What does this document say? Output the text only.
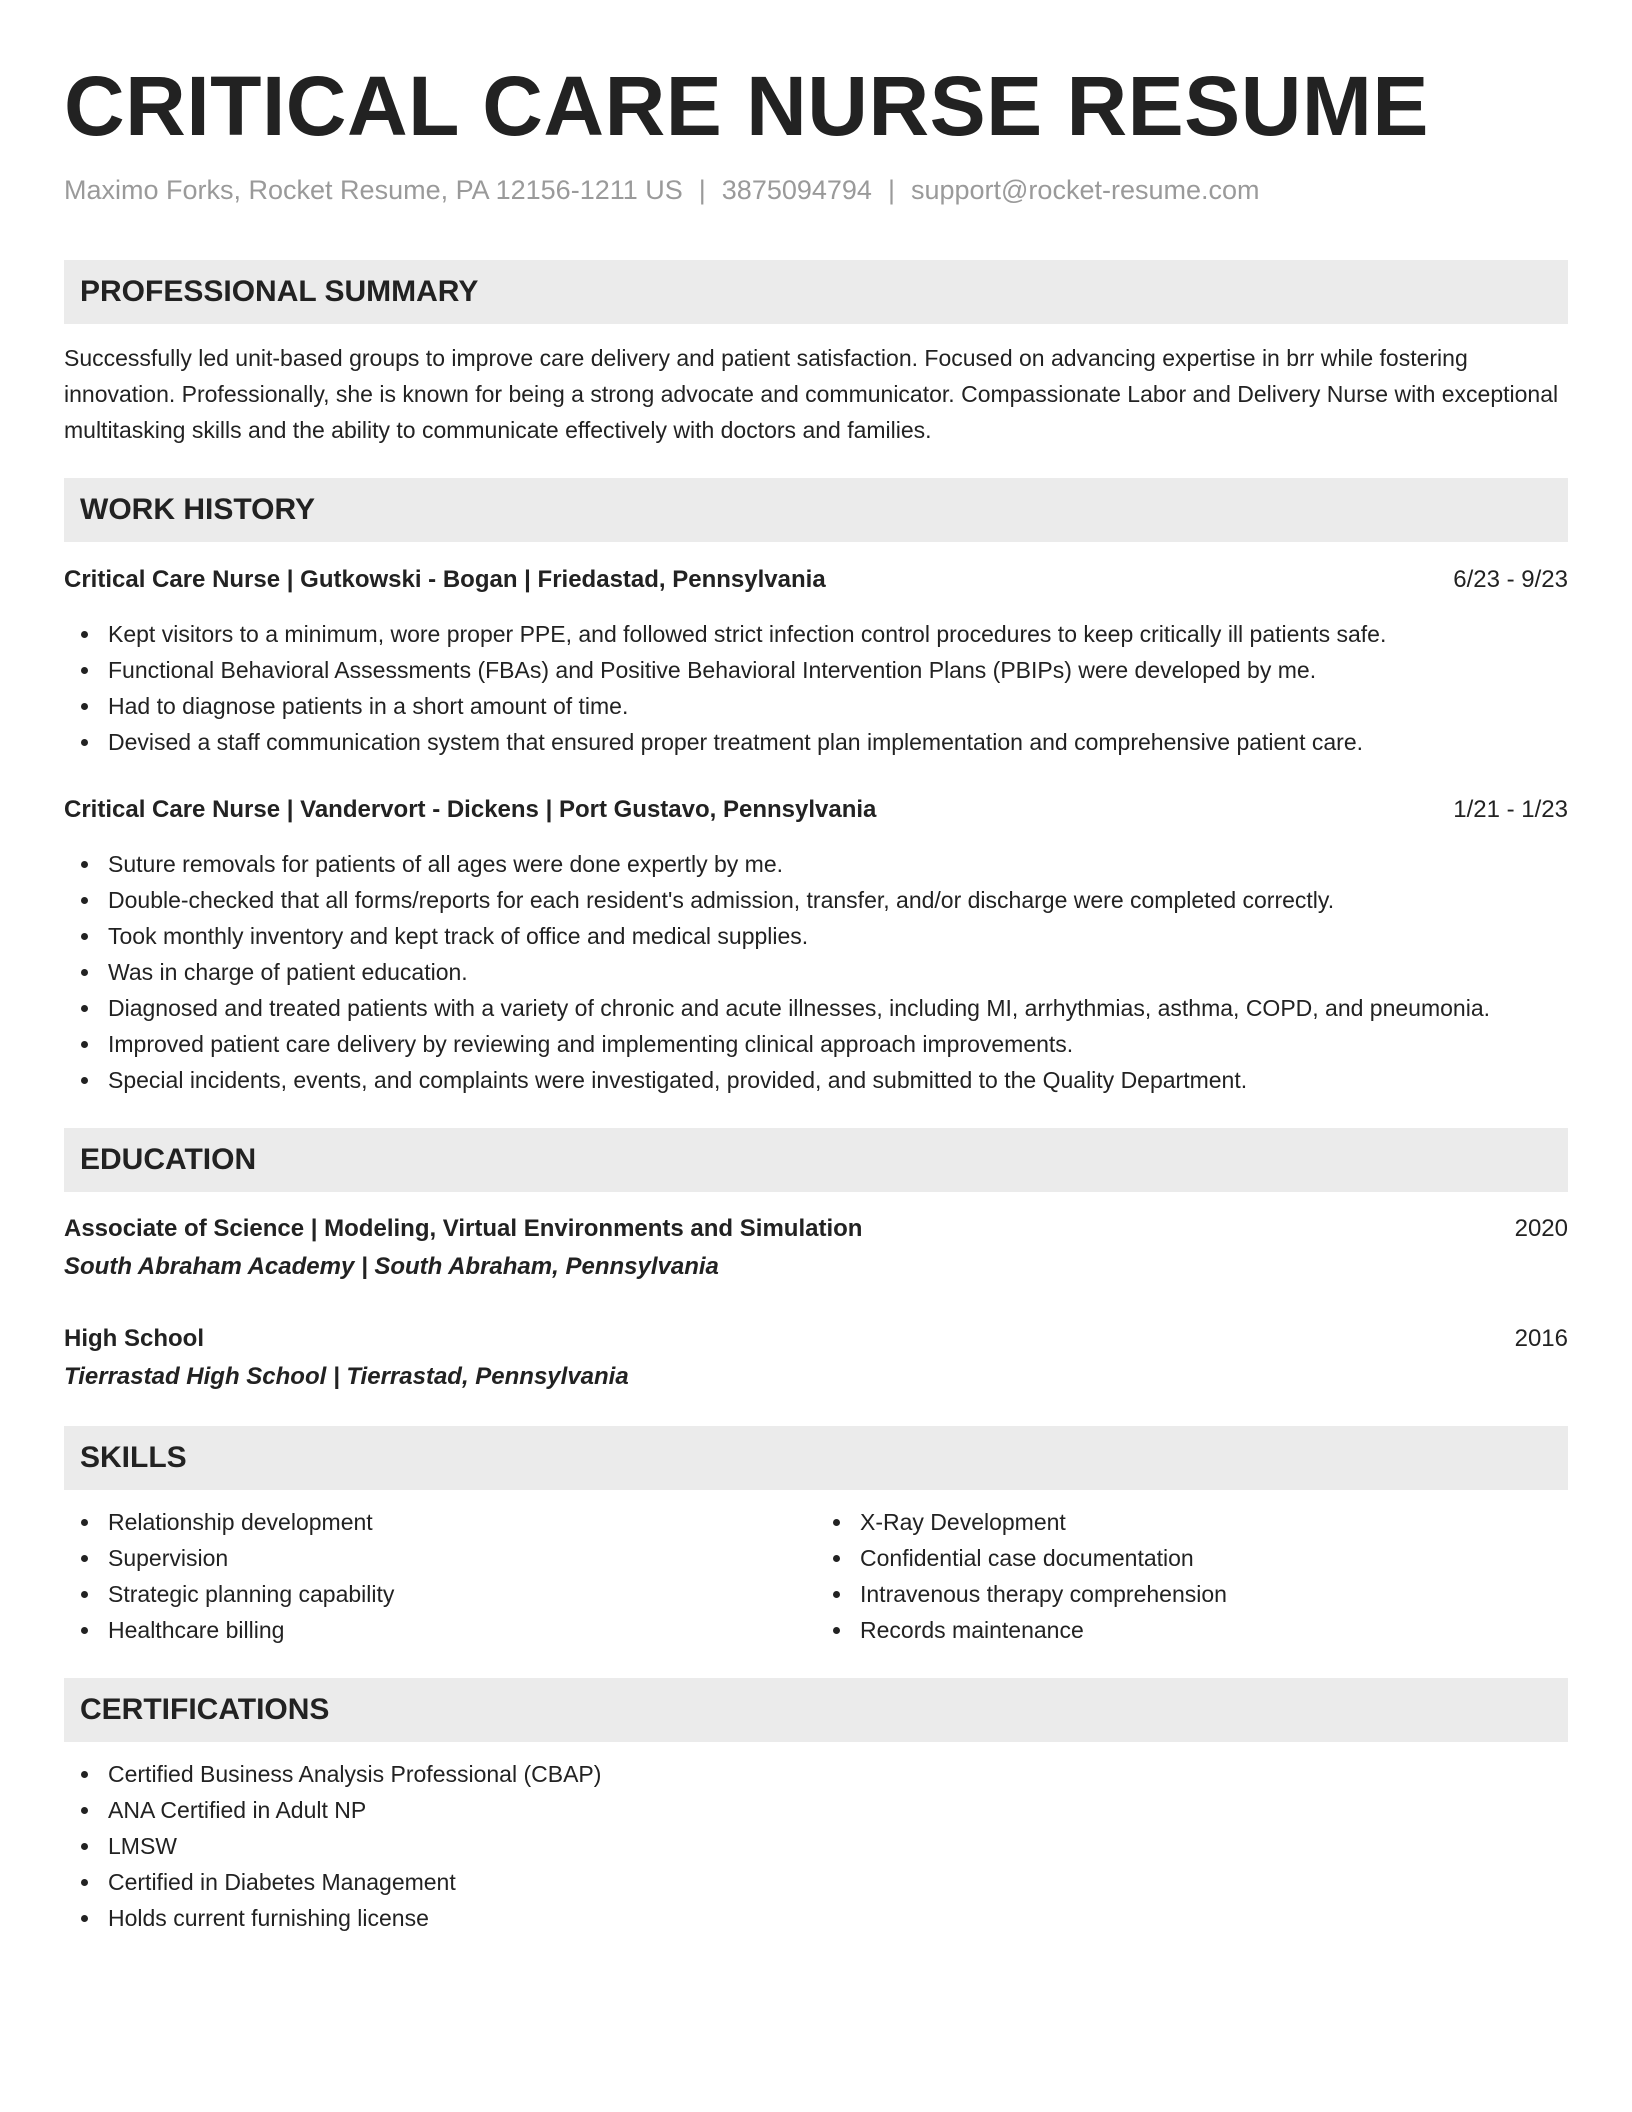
CRITICAL CARE NURSE RESUME
Maximo Forks, Rocket Resume, PA 12156-1211 US | 3875094794 | support@rocket-resume.com
PROFESSIONAL SUMMARY

Successfully led unit-based groups to improve care delivery and patient satisfaction. Focused on advancing expertise in brr while fostering innovation. Professionally, she is known for being a strong advocate and communicator. Compassionate Labor and Delivery Nurse with exceptional multitasking skills and the ability to communicate effectively with doctors and families.

WORK HISTORY
Critical Care Nurse | Gutkowski - Bogan | Friedastad, Pennsylvania	6/23 - 9/23
Kept visitors to a minimum, wore proper PPE, and followed strict infection control procedures to keep critically ill patients safe.
Functional Behavioral Assessments (FBAs) and Positive Behavioral Intervention Plans (PBIPs) were developed by me.
Had to diagnose patients in a short amount of time.
Devised a staff communication system that ensured proper treatment plan implementation and comprehensive patient care.
Critical Care Nurse | Vandervort - Dickens | Port Gustavo, Pennsylvania	1/21 - 1/23
Suture removals for patients of all ages were done expertly by me.
Double-checked that all forms/reports for each resident's admission, transfer, and/or discharge were completed correctly.
Took monthly inventory and kept track of office and medical supplies.
Was in charge of patient education.
Diagnosed and treated patients with a variety of chronic and acute illnesses, including MI, arrhythmias, asthma, COPD, and pneumonia.
Improved patient care delivery by reviewing and implementing clinical approach improvements.
Special incidents, events, and complaints were investigated, provided, and submitted to the Quality Department.
EDUCATION
Associate of Science | Modeling, Virtual Environments and Simulation	2020
South Abraham Academy | South Abraham, Pennsylvania
High School	2016
Tierrastad High School | Tierrastad, Pennsylvania
SKILLS
Relationship development
Supervision
Strategic planning capability
Healthcare billing
X-Ray Development
Confidential case documentation
Intravenous therapy comprehension
Records maintenance
CERTIFICATIONS
Certified Business Analysis Professional (CBAP)
ANA Certified in Adult NP
LMSW
Certified in Diabetes Management
Holds current furnishing license
